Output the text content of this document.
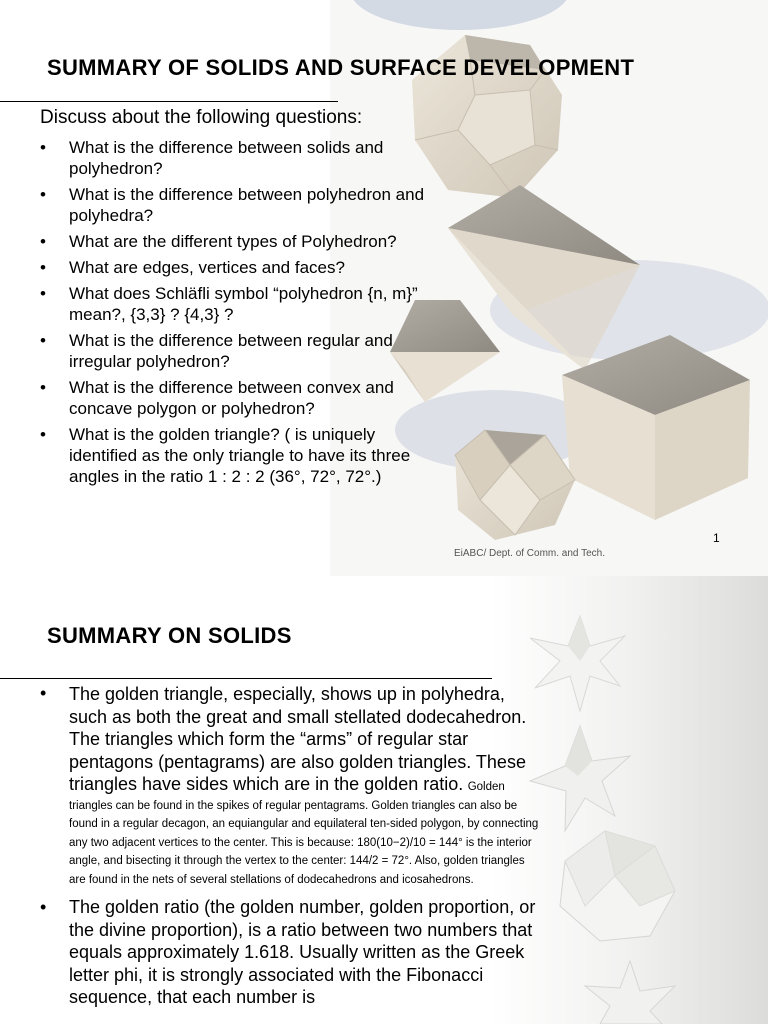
SUMMARY OF SOLIDS AND SURFACE DEVELOPMENT
Discuss about the following questions:
• What is the difference between solids and polyhedron?
• What is the difference between polyhedron and polyhedra?
• What are the different types of Polyhedron?
• What are edges, vertices and faces?
• What does Schläfli symbol “polyhedron {n, m}” mean?, {3,3} ? {4,3} ?
• What is the difference between regular and irregular polyhedron?
• What is the difference between convex and concave polygon or polyhedron?
• What is the golden triangle? ( is uniquely identified as the only triangle to have its three angles in the ratio 1 : 2 : 2 (36°, 72°, 72°.)
1
EiABC/ Dept. of Comm. and Tech.
SUMMARY ON SOLIDS
• The golden triangle, especially, shows up in polyhedra, such as both the great and small stellated dodecahedron. The triangles which form the “arms” of regular star pentagons (pentagrams) are also golden triangles. These triangles have sides which are in the golden ratio. Golden triangles can be found in the spikes of regular pentagrams. Golden triangles can also be found in a regular decagon, an equiangular and equilateral ten-sided polygon, by connecting any two adjacent vertices to the center. This is because: 180(10−2)/10 = 144° is the interior angle, and bisecting it through the vertex to the center: 144/2 = 72°. Also, golden triangles are found in the nets of several stellations of dodecahedrons and icosahedrons.
• The golden ratio (the golden number, golden proportion, or the divine proportion), is a ratio between two numbers that equals approximately 1.618. Usually written as the Greek letter phi, it is strongly associated with the Fibonacci sequence, that each number is
